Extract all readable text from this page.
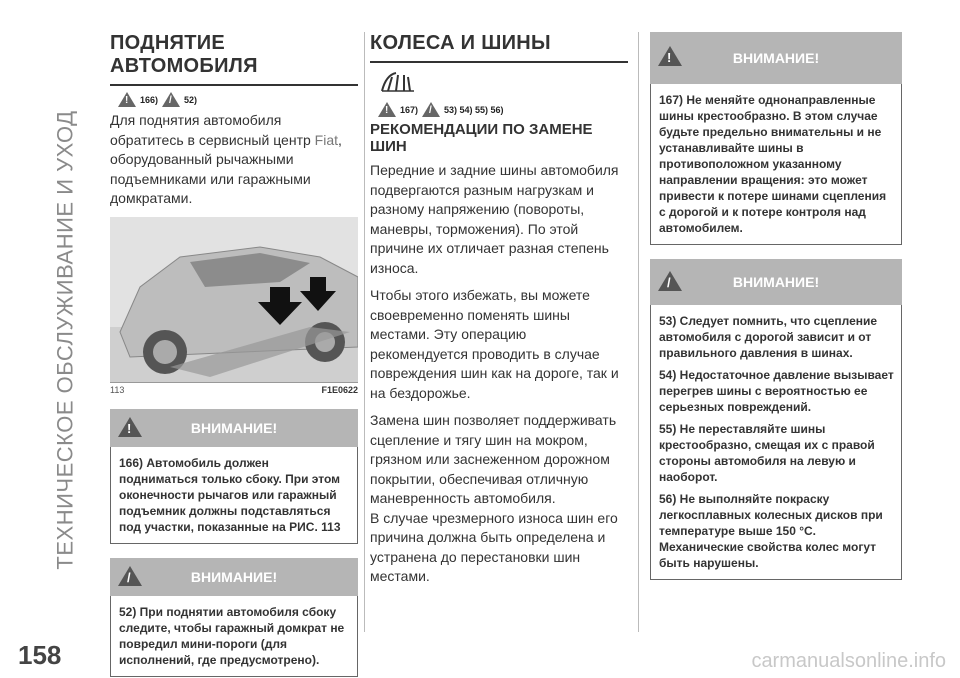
ТЕХНИЧЕСКОЕ ОБСЛУЖИВАНИЕ И УХОД
158	carmanualsonline.info
ПОДНЯТИЕ АВТОМОБИЛЯ
!
166) /	52)
Для поднятия автомобиля обратитесь в сервисный центр Fiat, оборудованный рычажными подъемниками или гаражными домкратами.
113	F1E0622
!
ВНИМАНИЕ!

166) Автомобиль должен подниматься только сбоку. При этом оконечности рычагов или гаражный подъемник должны подставляться под участки, показанные на РИС. 113

/
ВНИМАНИЕ!

52) При поднятии автомобиля сбоку следите, чтобы гаражный домкрат не повредил мини-пороги (для исполнений, где предусмотрено).

КОЛЕСА И ШИНЫ
!
167) /	53) 54) 55) 56)
РЕКОМЕНДАЦИИ ПО ЗАМЕНЕ ШИН

Передние и задние шины автомобиля подвергаются разным нагрузкам и разному напряжению (повороты, маневры, торможения). По этой причине их отличает разная степень износа.

Чтобы этого избежать, вы можете своевременно поменять шины местами. Эту операцию рекомендуется проводить в случае повреждения шин как на дороге, так и на бездорожье.

Замена шин позволяет поддерживать сцепление и тягу шин на мокром, грязном или заснеженном дорожном покрытии, обеспечивая отличную маневренность автомобиля.

В случае чрезмерного износа шин его причина должна быть определена и устранена до перестановки шин местами.

!
ВНИМАНИЕ!

167) Не меняйте однонаправленные шины крестообразно. В этом случае будьте предельно внимательны и не устанавливайте шины в противоположном указанному направлении вращения: это может привести к потере шинами сцепления с дорогой и к потере контроля над автомобилем.

/
ВНИМАНИЕ!

53) Следует помнить, что сцепление автомобиля с дорогой зависит и от правильного давления в шинах.

54) Недостаточное давление вызывает перегрев шины с вероятностью ее серьезных повреждений.

55) Не переставляйте шины крестообразно, смещая их с правой стороны автомобиля на левую и наоборот.

56) Не выполняйте покраску легкосплавных колесных дисков при температуре выше 150 °С. Механические свойства колес могут быть нарушены.
